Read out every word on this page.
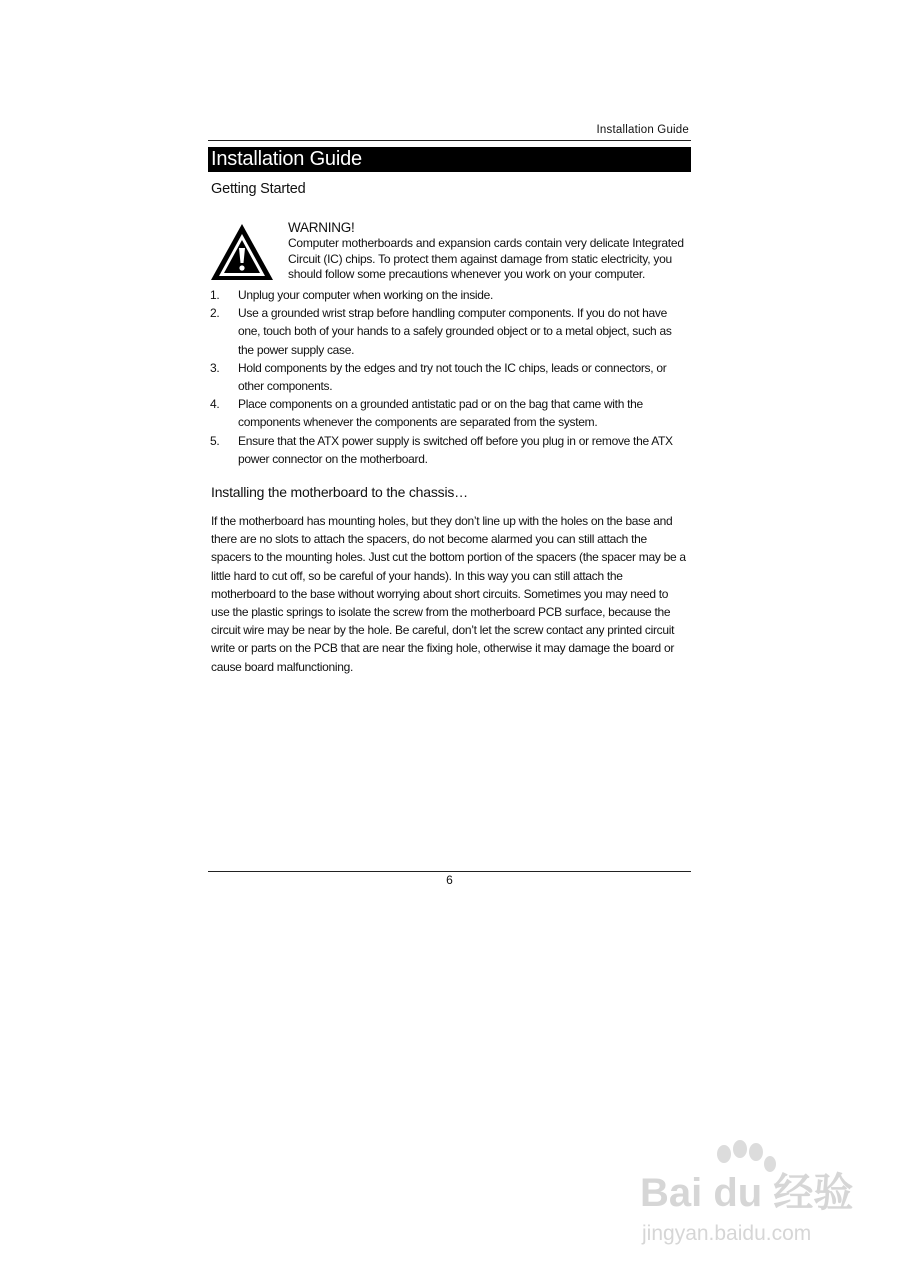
Installation Guide
Installation Guide
Getting Started
WARNING!
Computer motherboards and expansion cards contain very delicate Integrated
Circuit (IC) chips. To protect them against damage from static electricity, you
should follow some precautions whenever you work on your computer.
1. Unplug your computer when working on the inside.
2. Use a grounded wrist strap before handling computer components. If you do not have one, touch both of your hands to a safely grounded object or to a metal object, such as the power supply case.
3. Hold components by the edges and try not touch the IC chips, leads or connectors, or other components.
4. Place components on a grounded antistatic pad or on the bag that came with the components whenever the components are separated from the system.
5. Ensure that the ATX power supply is switched off before you plug in or remove the ATX power connector on the motherboard.
Installing the motherboard to the chassis…

If the motherboard has mounting holes, but they don’t line up with the holes on the base and there are no slots to attach the spacers, do not become alarmed you can still attach the spacers to the mounting holes. Just cut the bottom portion of the spacers (the spacer may be a little hard to cut off, so be careful of your hands). In this way you can still attach the motherboard to the base without worrying about short circuits. Sometimes you may need to use the plastic springs to isolate the screw from the motherboard PCB surface, because the circuit wire may be near by the hole. Be careful, don’t let the screw contact any printed circuit write or parts on the PCB that are near the fixing hole, otherwise it may damage the board or cause board malfunctioning.

6
Bai du 经验
jingyan.baidu.com
